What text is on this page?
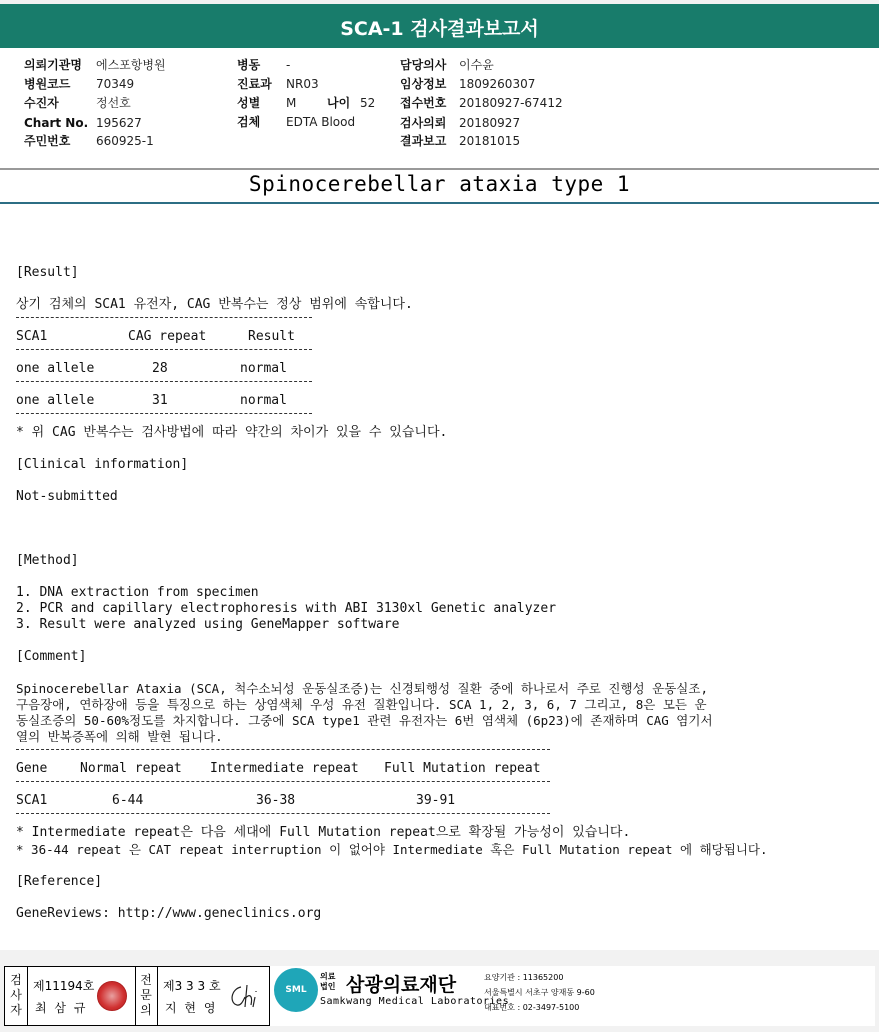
SCA-1 검사결과보고서
의뢰기관명 에스포항병원
병원코드 70349
수진자	정선호
Chart No. 195627
주민번호 660925-1
병동 -
진료과 NR03
성별 M	나이 52
검체 EDTA Blood
담당의사 이수윤
임상정보 1809260307
접수번호 20180927-67412
검사의뢰 20180927
결과보고 20181015
Spinocerebellar ataxia type 1
[Result]
상기 검체의 SCA1 유전자, CAG 반복수는 정상 범위에 속합니다.
SCA1	CAG repeat	Result
one allele	28	normal
one allele	31	normal
* 위 CAG 반복수는 검사방법에 따라 약간의 차이가 있을 수 있습니다.
[Clinical information]
Not-submitted
[Method]
1. DNA extraction from specimen
2. PCR and capillary electrophoresis with ABI 3130xl Genetic analyzer
3. Result were analyzed using GeneMapper software
[Comment]
Spinocerebellar Ataxia (SCA, 척수소뇌성 운동실조증)는 신경퇴행성 질환 중에 하나로서 주로 진행성 운동실조,
구음장애, 연하장애 등을 특징으로 하는 상염색체 우성 유전 질환입니다. SCA 1, 2, 3, 6, 7 그리고, 8은 모든 운
동실조증의 50-60%정도를 차지합니다. 그중에 SCA type1 관련 유전자는 6번 염색체 (6p23)에 존재하며 CAG 염기서
열의 반복증폭에 의해 발현 됩니다.
Gene	Normal repeat Intermediate repeat Full Mutation repeat
SCA1	6-44	36-38	39-91
* Intermediate repeat은 다음 세대에 Full Mutation repeat으로 확장될 가능성이 있습니다.
* 36-44 repeat 은 CAT repeat interruption 이 없어야 Intermediate 혹은 Full Mutation repeat 에 해당됩니다.
[Reference]
GeneReviews: http://www.geneclinics.org
검
사
자
제11194호
최 삼 규
전
문
의
제3 3 3 호
지 현 영
SML
의료법인 삼광의료재단
Samkwang Medical Laboratories
요양기관 : 11365200
서울특별시 서초구 양재동 9-60
대표번호 : 02-3497-5100
